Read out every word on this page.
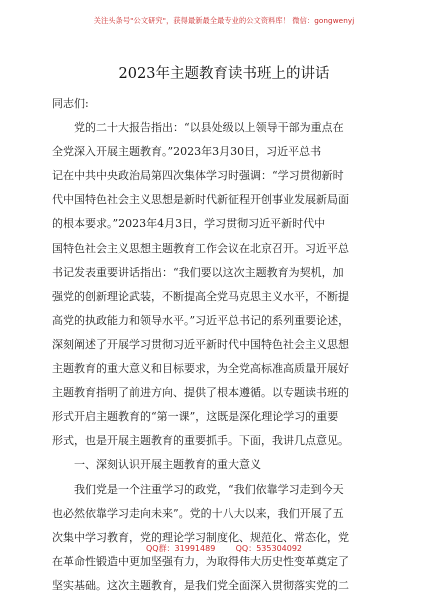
关注头条号"公文研究"，获得最新最全最专业的公文资料库！ 微信：gongwenyj
2023年主题教育读书班上的讲话
同志们:
党的二十大报告指出：“以县处级以上领导干部为重点在
全党深入开展主题教育。”2023年3月30日，习近平总书
记在中共中央政治局第四次集体学习时强调：“学习贯彻新时
代中国特色社会主义思想是新时代新征程开创事业发展新局面
的根本要求。”2023年4月3日，学习贯彻习近平新时代中
国特色社会主义思想主题教育工作会议在北京召开。习近平总
书记发表重要讲话指出：“我们要以这次主题教育为契机，加
强党的创新理论武装，不断提高全党马克思主义水平，不断提
高党的执政能力和领导水平。”习近平总书记的系列重要论述，
深刻阐述了开展学习贯彻习近平新时代中国特色社会主义思想
主题教育的重大意义和目标要求，为全党高标准高质量开展好
主题教育指明了前进方向、提供了根本遵循。以专题读书班的
形式开启主题教育的“第一课”，这既是深化理论学习的重要
形式，也是开展主题教育的重要抓手。下面，我讲几点意见。
一、深刻认识开展主题教育的重大意义
我们党是一个注重学习的政党，“我们依靠学习走到今天
也必然依靠学习走向未来”。党的十八大以来，我们开展了五
次集中学习教育，党的理论学习制度化、规范化、常态化，党
在革命性锻造中更加坚强有力，为取得伟大历史性变革奠定了
坚实基础。这次主题教育，是我们党全面深入贯彻落实党的二
QQ群：31991489        QQ：535304092
